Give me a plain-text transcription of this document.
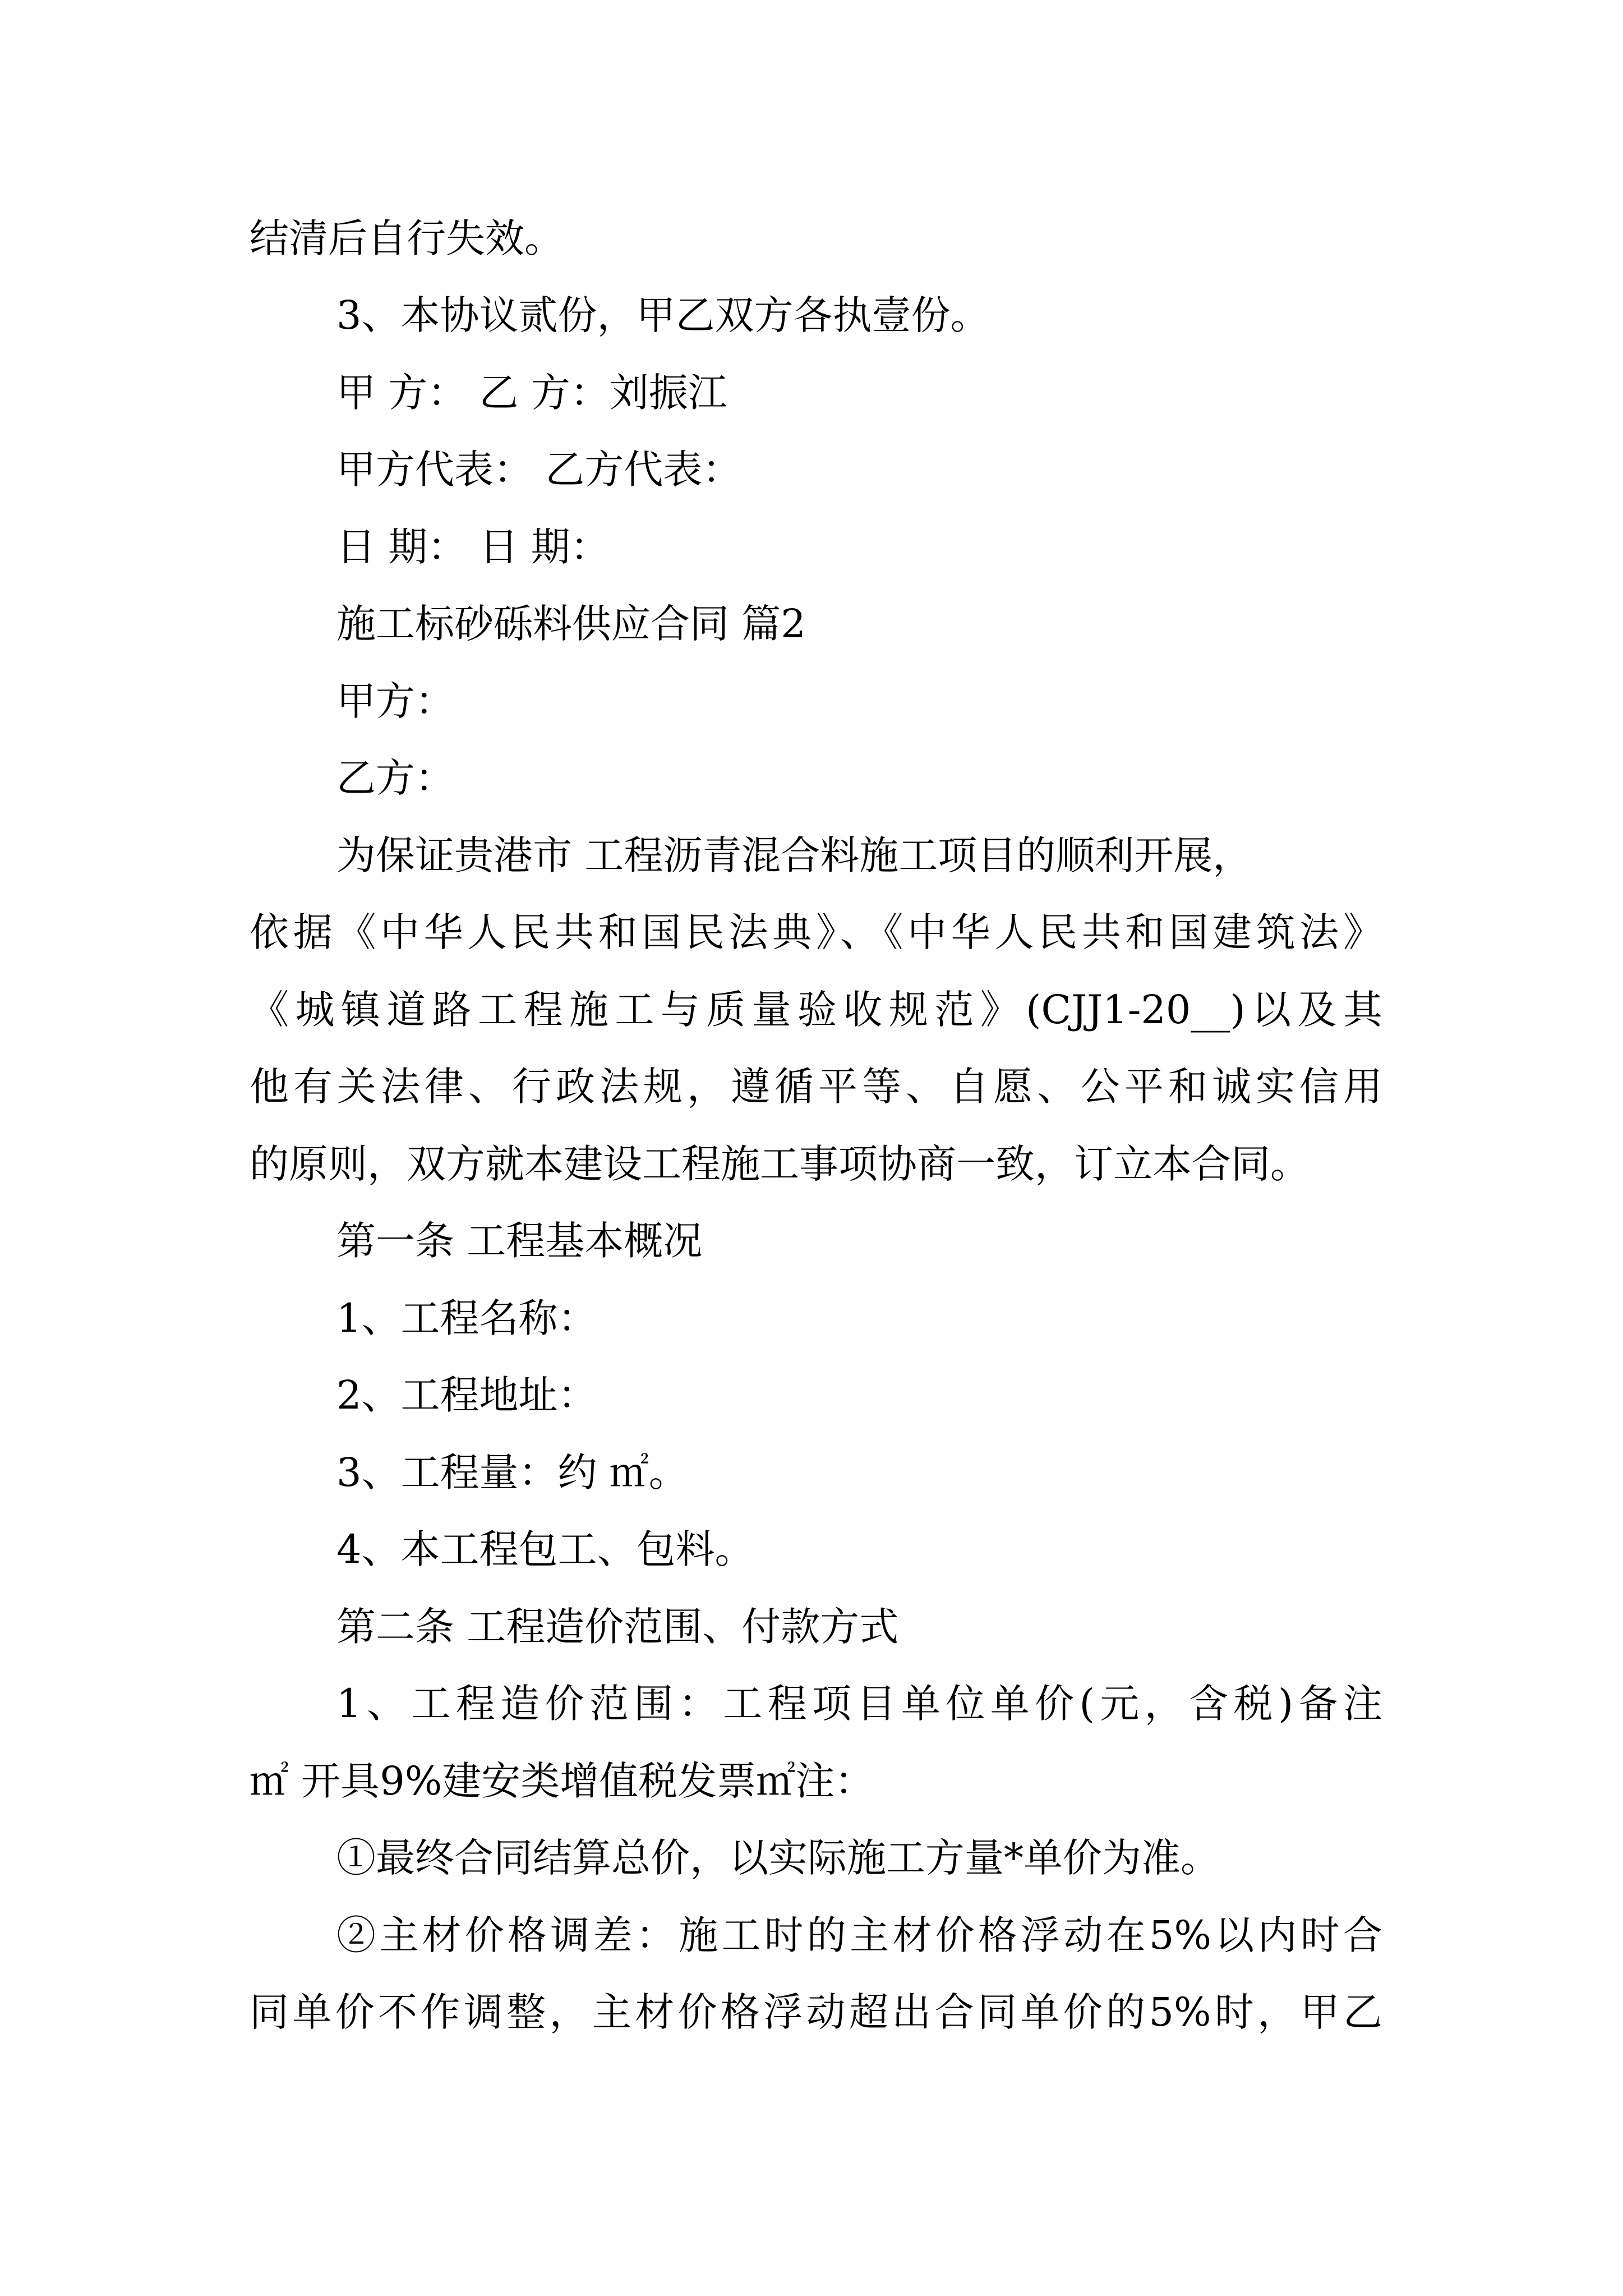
结清后自行失效。
3、本协议贰份，甲乙双方各执壹份。
甲 方： 乙 方：刘振江
甲方代表： 乙方代表：
日 期： 日 期：
施工标砂砾料供应合同 篇2
甲方：
乙方：
为保证贵港市 工程沥青混合料施工项目的顺利开展，
依据《中华人民共和国民法典》、《中华人民共和国建筑法》
《城镇道路工程施工与质量验收规范》(CJJ1-20__)以及其
他有关法律、行政法规，遵循平等、自愿、公平和诚实信用
的原则，双方就本建设工程施工事项协商一致，订立本合同。
第一条 工程基本概况
1、工程名称：
2、工程地址：
3、工程量：约 ㎡。
4、本工程包工、包料。
第二条 工程造价范围、付款方式
1、工程造价范围：工程项目单位单价(元，含税)备注
㎡ 开具9%建安类增值税发票㎡注：
①最终合同结算总价，以实际施工方量*单价为准。
②主材价格调差：施工时的主材价格浮动在5%以内时合
同单价不作调整，主材价格浮动超出合同单价的5%时，甲乙
